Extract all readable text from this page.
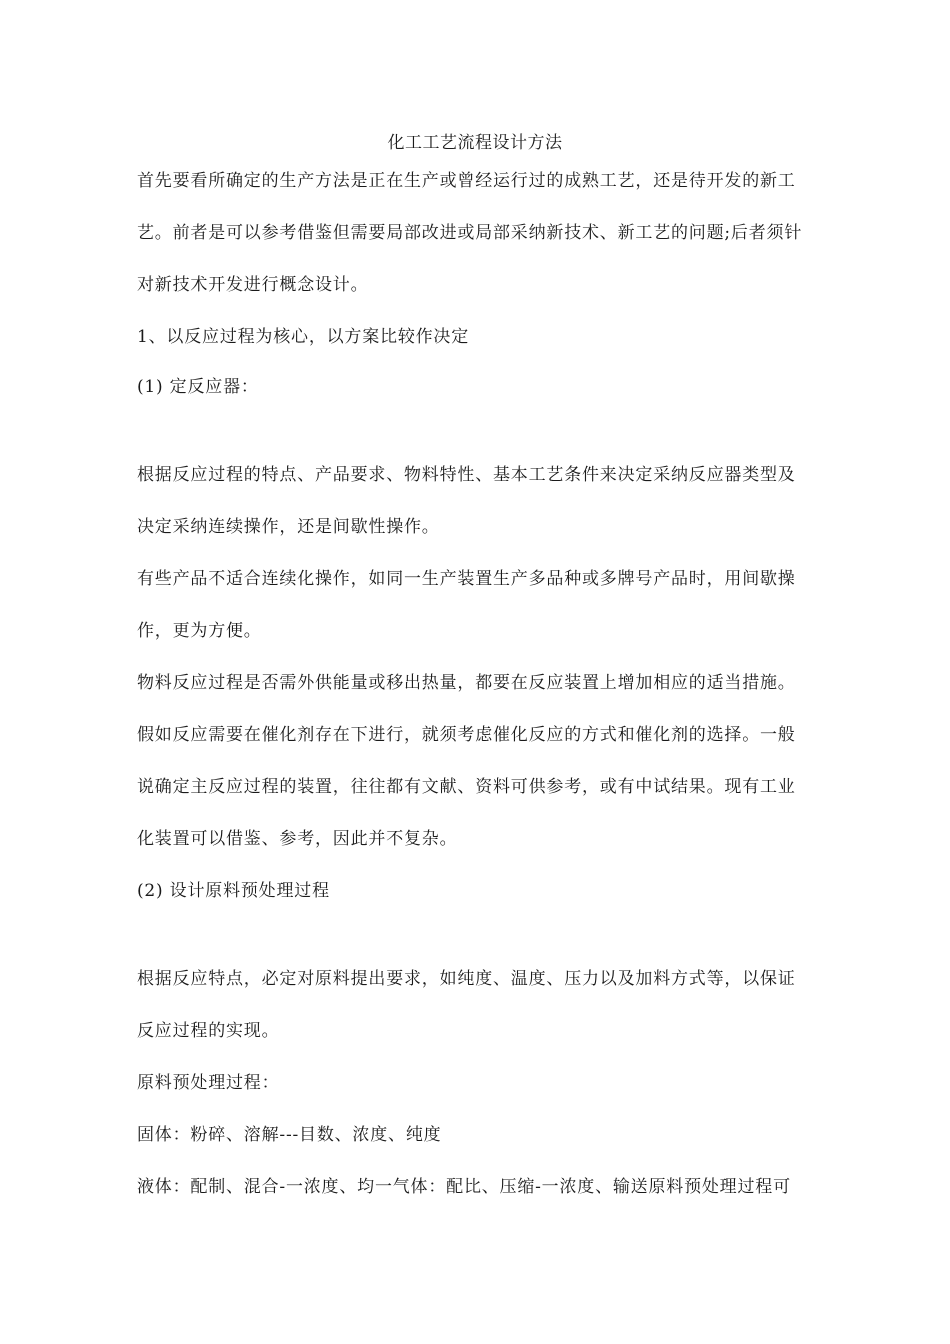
化工工艺流程设计方法
首先要看所确定的生产方法是正在生产或曾经运行过的成熟工艺，还是待开发的新工
艺。前者是可以参考借鉴但需要局部改进或局部采纳新技术、新工艺的问题;后者须针
对新技术开发进行概念设计。
1、以反应过程为核心，以方案比较作决定
(1) 定反应器：
根据反应过程的特点、产品要求、物料特性、基本工艺条件来决定采纳反应器类型及
决定采纳连续操作，还是间歇性操作。
有些产品不适合连续化操作，如同一生产装置生产多品种或多牌号产品时，用间歇操
作，更为方便。
物料反应过程是否需外供能量或移出热量，都要在反应装置上增加相应的适当措施。
假如反应需要在催化剂存在下进行，就须考虑催化反应的方式和催化剂的选择。一般
说确定主反应过程的装置，往往都有文献、资料可供参考，或有中试结果。现有工业
化装置可以借鉴、参考，因此并不复杂。
(2) 设计原料预处理过程
根据反应特点，必定对原料提出要求，如纯度、温度、压力以及加料方式等，以保证
反应过程的实现。
原料预处理过程：
固体：粉碎、溶解---目数、浓度、纯度
液体：配制、混合-一浓度、均一气体：配比、压缩-一浓度、输送原料预处理过程可
